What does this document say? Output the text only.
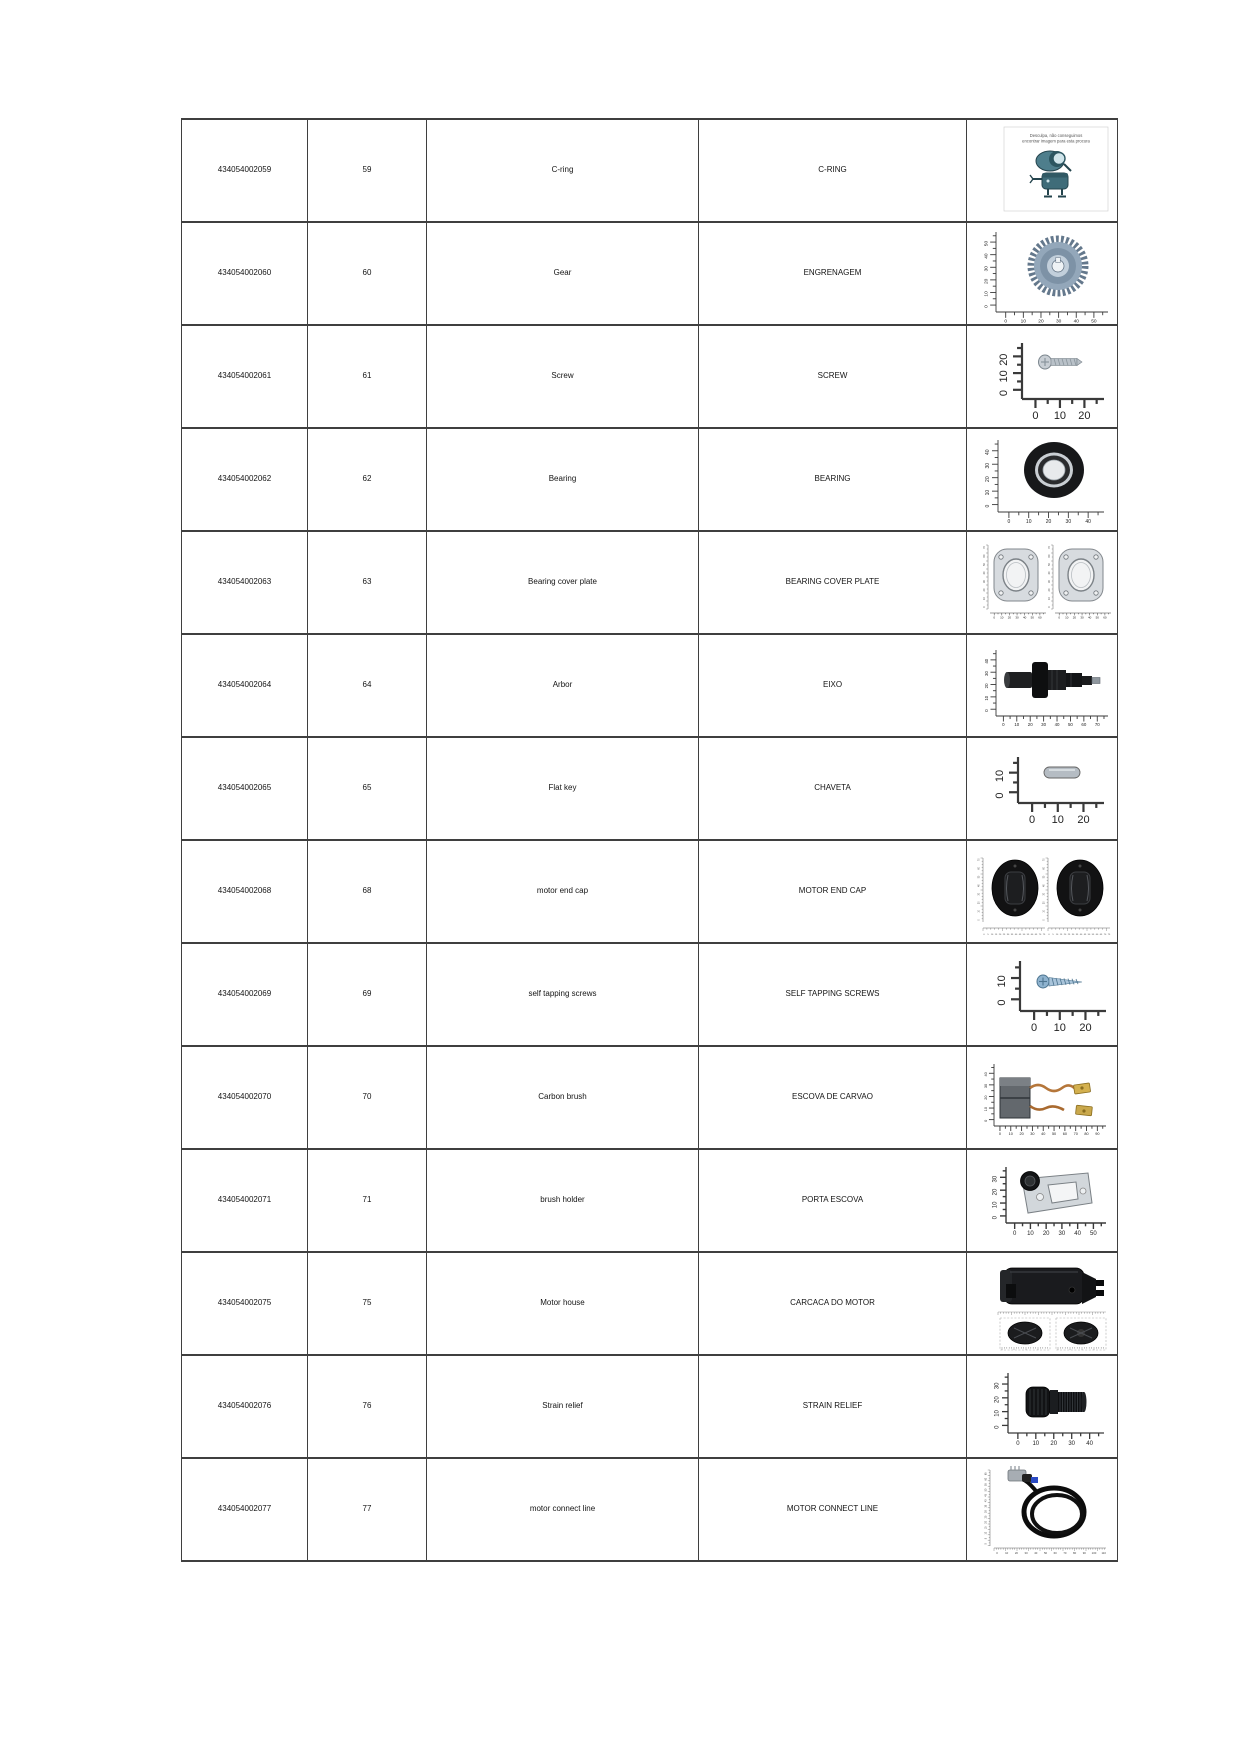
434054002059	59	C-ring	C-RING	Desculpa, não conseguimos
encontrar imagem para esta procura

434054002060	60	Gear	ENGRENAGEM	
0	10	20	30	40	50
0
10
20
30
40
50

434054002061	61	Screw	SCREW	
0 10 20
0
10
20

434054002062	62	Bearing	BEARING	
0	10	20	30	40
0
10
20
30
40

434054002063	63	Bearing cover plate	BEARING COVER PLATE	
0
10
20
30
40
50
60
70
0 10 20 30 40 50 60
0
10
20
30
40
50
60
70
0 10 20 30 40 50 60

434054002064	64	Arbor	EIXO	
0 10 20 30 40 50 60 70
0
10
20
30
40

434054002065	65	Flat key	CHAVETA	0 10 20
0
10

434054002068	68	motor end cap	MOTOR END CAP	
0
10
20
30
40
50
60
70
0	5 10 15 20 25 30 35 40 45 50 55 60 65 70 75
0
10
20
30
40
50
60
70
0	5 10 15 20 25 30 35 40 45 50 55 60 65 70 75

434054002069	69	self tapping screws	SELF TAPPING SCREWS	0 10 20
0
10

434054002070	70	Carbon brush	ESCOVA DE CARVAO	
0 10 20 30 40 50 60 70 80 90
0
10
20
30
40

434054002071	71	brush holder	PORTA ESCOVA	
0 10 20 30 40 50
0
10
20
30

434054002075	75	Motor house	CARCACA DO MOTOR	

434054002076	76	Strain relief	STRAIN RELIEF	
0 10 20 30 40
0
10
20
30

434054002077	77	motor connect line	MOTOR CONNECT LINE	
0
5
10
15
20
25
30
35
40
45
50
55
60
65
0	10 20 30 40 50 60 70 80 90 100 110
